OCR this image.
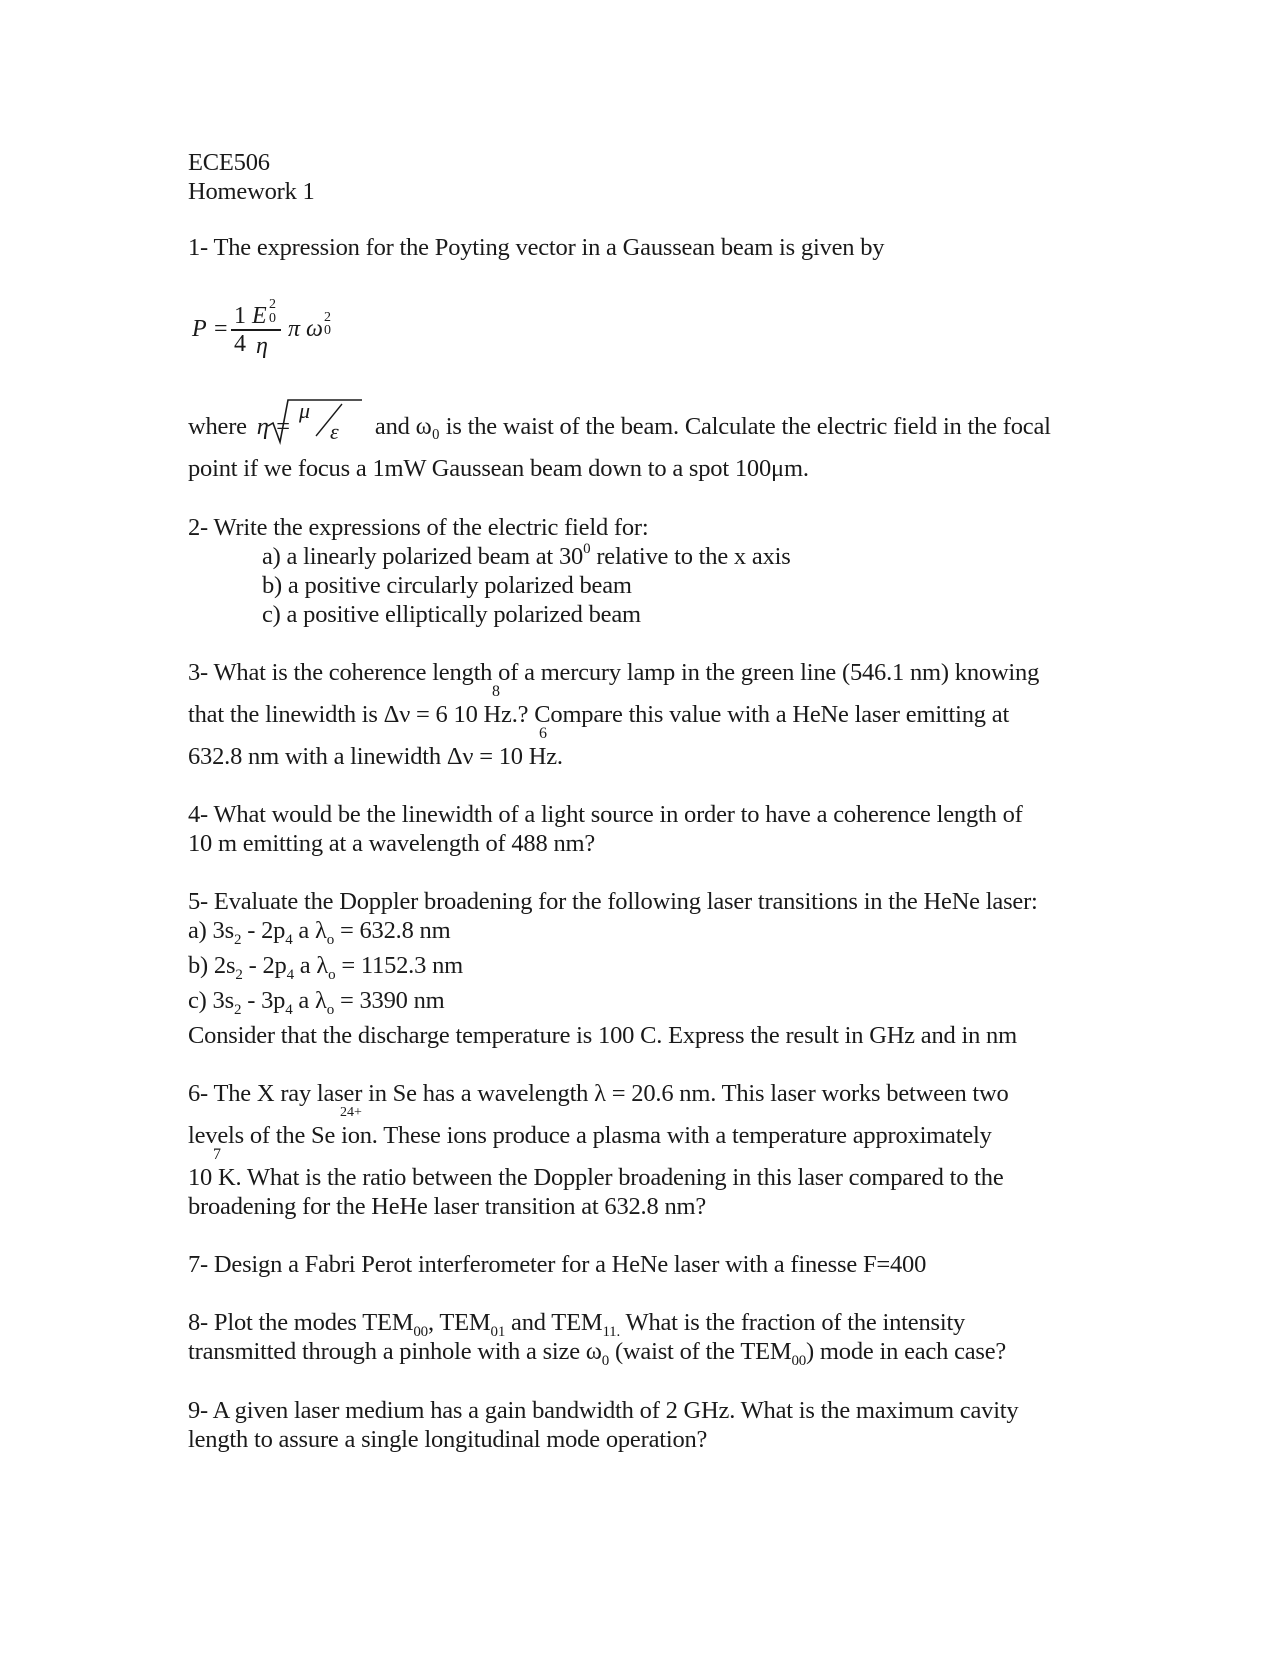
ECE506
Homework 1
1- The expression for the Poyting vector in a Gaussean beam is given by
P = 1 E 2
0
4 η
π ω 2
0
where η =	and ω₀ is the waist of the beam. Calculate the electric field in the focal
μ
ε
point if we focus a 1mW Gaussean beam down to a spot 100μm.
2- Write the expressions of the electric field for:
a) a linearly polarized beam at $30^0$ relative to the x axis
b) a positive circularly polarized beam
c) a positive elliptically polarized beam
3- What is the coherence length of a mercury lamp in the green line (546.1 nm) knowing
8
that the linewidth is Δν = 6 10 Hz.? Compare this value with a HeNe laser emitting at
6
632.8 nm with a linewidth Δν = 10 Hz.
4- What would be the linewidth of a light source in order to have a coherence length of
10 m emitting at a wavelength of 488 nm?
5- Evaluate the Doppler broadening for the following laser transitions in the HeNe laser:
a) $3s_2 - 2p_4$ a $\lambda_o = 632.8$ nm
b) $2s_2 - 2p_4$ a $\lambda_o = 1152.3$ nm
c) $3s_2 - 3p_4$ a $\lambda_o = 3390$ nm
Consider that the discharge temperature is 100 C. Express the result in GHz and in nm
6- The X ray laser in Se has a wavelength λ = 20.6 nm. This laser works between two
24+
levels of the Se ion. These ions produce a plasma with a temperature approximately
7
10 K. What is the ratio between the Doppler broadening in this laser compared to the
broadening for the HeHe laser transition at 632.8 nm?
7- Design a Fabri Perot interferometer for a HeNe laser with a finesse F=400
8- Plot the modes $TEM_{00}$, $TEM_{01}$ and $TEM_{11.}$ What is the fraction of the intensity
transmitted through a pinhole with a size $\omega_0$ (waist of the $TEM_{00}$) mode in each case?
9- A given laser medium has a gain bandwidth of 2 GHz. What is the maximum cavity
length to assure a single longitudinal mode operation?
